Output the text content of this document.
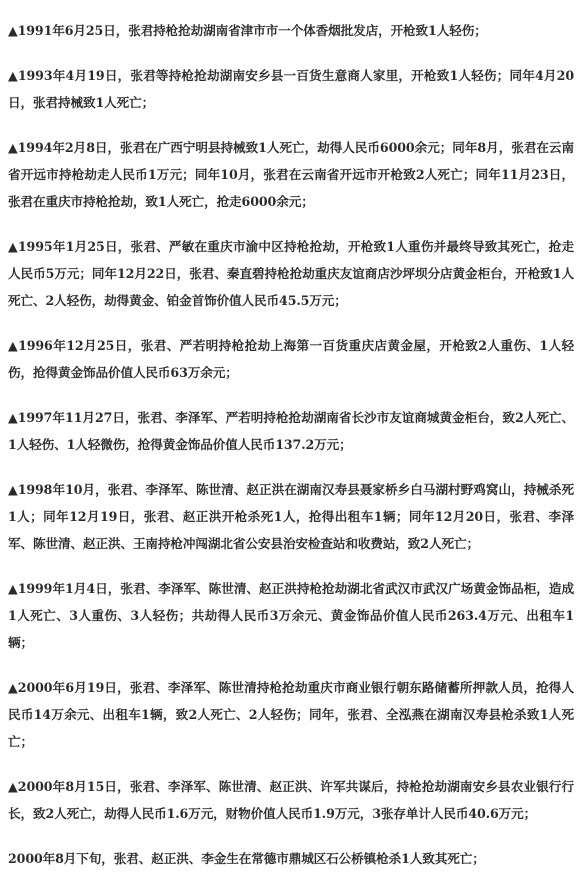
▲1991年6月25日，张君持枪抢劫湖南省津市市一个体香烟批发店，开枪致1人轻伤；

▲1993年4月19日，张君等持枪抢劫湖南安乡县一百货生意商人家里，开枪致1人轻伤；同年4月20日，张君持械致1人死亡；

▲1994年2月8日，张君在广西宁明县持械致1人死亡，劫得人民币6000余元；同年8月，张君在云南省开远市持枪劫走人民币1万元；同年10月，张君在云南省开远市开枪致2人死亡；同年11月23日，张君在重庆市持枪抢劫，致1人死亡，抢走6000余元；

▲1995年1月25日，张君、严敏在重庆市渝中区持枪抢劫，开枪致1人重伤并最终导致其死亡，抢走人民币5万元；同年12月22日，张君、秦直碧持枪抢劫重庆友谊商店沙坪坝分店黄金柜台，开枪致1人死亡、2人轻伤，劫得黄金、铂金首饰价值人民币45.5万元；

▲1996年12月25日，张君、严若明持枪抢劫上海第一百货重庆店黄金屋，开枪致2人重伤、1人轻伤，抢得黄金饰品价值人民币63万余元；

▲1997年11月27日，张君、李泽军、严若明持枪抢劫湖南省长沙市友谊商城黄金柜台，致2人死亡、1人轻伤、1人轻微伤，抢得黄金饰品价值人民币137.2万元；

▲1998年10月，张君、李泽军、陈世清、赵正洪在湖南汉寿县聂家桥乡白马湖村野鸡窝山，持械杀死1人；同年12月19日，张君、赵正洪开枪杀死1人，抢得出租车1辆；同年12月20日，张君、李泽军、陈世清、赵正洪、王南持枪冲闯湖北省公安县治安检查站和收费站，致2人死亡；

▲1999年1月4日，张君、李泽军、陈世清、赵正洪持枪抢劫湖北省武汉市武汉广场黄金饰品柜，造成1人死亡、3人重伤、3人轻伤；共劫得人民币3万余元、黄金饰品价值人民币263.4万元、出租车1辆；

▲2000年6月19日，张君、李泽军、陈世清持枪抢劫重庆市商业银行朝东路储蓄所押款人员，抢得人民币14万余元、出租车1辆，致2人死亡、2人轻伤；同年，张君、全泓燕在湖南汉寿县枪杀致1人死亡；

▲2000年8月15日，张君、李泽军、陈世清、赵正洪、许军共谋后，持枪抢劫湖南安乡县农业银行行长，致2人死亡，劫得人民币1.6万元，财物价值人民币1.9万元，3张存单计人民币40.6万元；

2000年8月下旬，张君、赵正洪、李金生在常德市鼎城区石公桥镇枪杀1人致其死亡；
